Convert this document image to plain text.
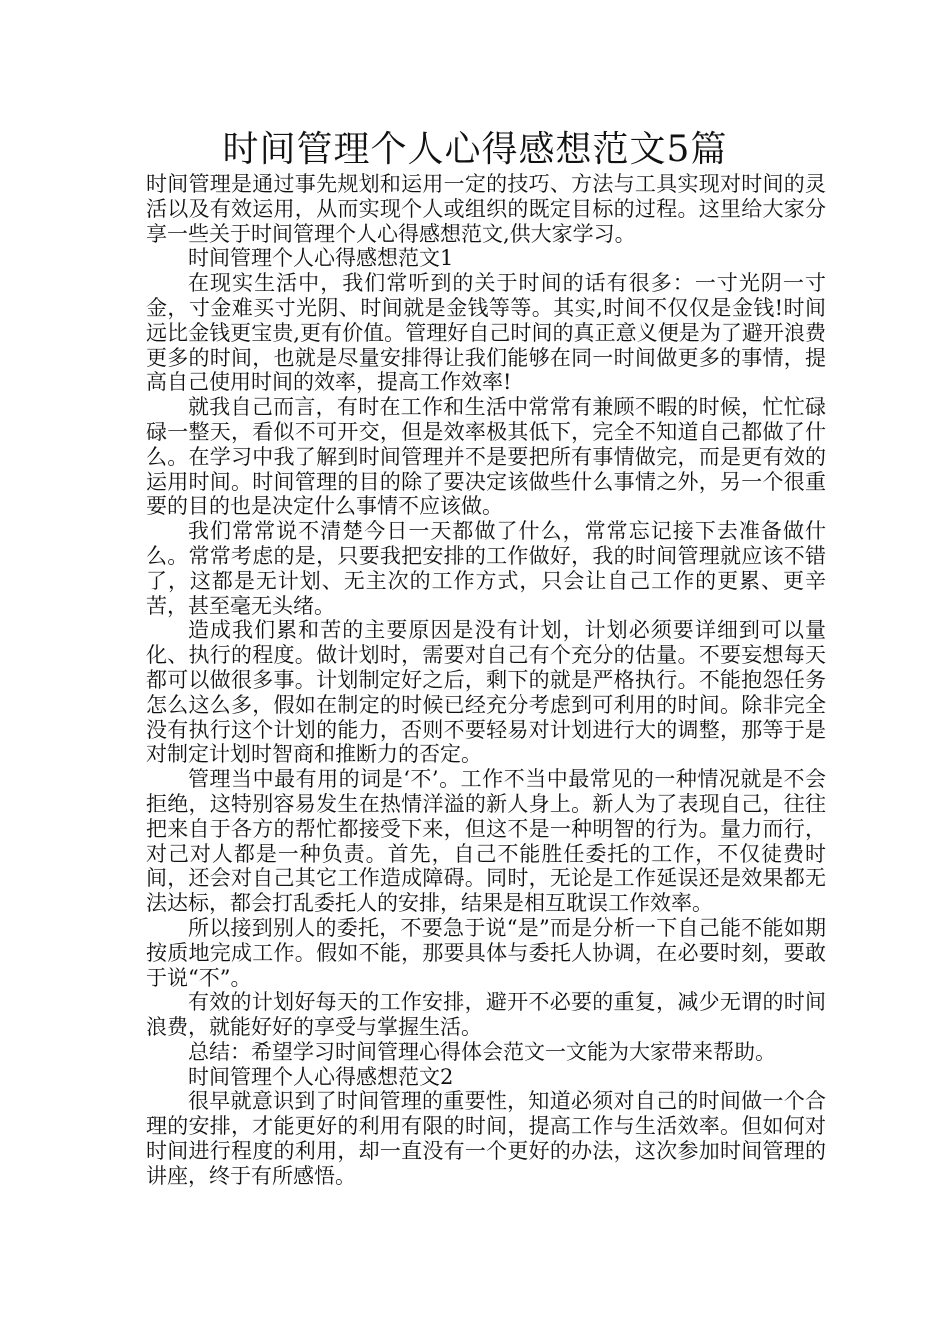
时间管理个人心得感想范文5篇

时间管理是通过事先规划和运用一定的技巧、方法与工具实现对时间的灵活以及有效运用，从而实现个人或组织的既定目标的过程。这里给大家分享一些关于时间管理个人心得感想范文,供大家学习。

时间管理个人心得感想范文1

在现实生活中，我们常听到的关于时间的话有很多：一寸光阴一寸金，寸金难买寸光阴、时间就是金钱等等。其实,时间不仅仅是金钱!时间远比金钱更宝贵,更有价值。管理好自己时间的真正意义便是为了避开浪费更多的时间，也就是尽量安排得让我们能够在同一时间做更多的事情，提高自己使用时间的效率，提高工作效率!

就我自己而言，有时在工作和生活中常常有兼顾不暇的时候，忙忙碌碌一整天，看似不可开交，但是效率极其低下，完全不知道自己都做了什么。在学习中我了解到时间管理并不是要把所有事情做完，而是更有效的运用时间。时间管理的目的除了要决定该做些什么事情之外，另一个很重要的目的也是决定什么事情不应该做。

我们常常说不清楚今日一天都做了什么，常常忘记接下去准备做什么。常常考虑的是，只要我把安排的工作做好，我的时间管理就应该不错了，这都是无计划、无主次的工作方式，只会让自己工作的更累、更辛苦，甚至毫无头绪。

造成我们累和苦的主要原因是没有计划，计划必须要详细到可以量化、执行的程度。做计划时，需要对自己有个充分的估量。不要妄想每天都可以做很多事。计划制定好之后，剩下的就是严格执行。不能抱怨任务怎么这么多，假如在制定的时候已经充分考虑到可利用的时间。除非完全没有执行这个计划的能力，否则不要轻易对计划进行大的调整，那等于是对制定计划时智商和推断力的否定。

管理当中最有用的词是‘不’。工作不当中最常见的一种情况就是不会拒绝，这特别容易发生在热情洋溢的新人身上。新人为了表现自己，往往把来自于各方的帮忙都接受下来，但这不是一种明智的行为。量力而行，对己对人都是一种负责。首先，自己不能胜任委托的工作，不仅徒费时间，还会对自己其它工作造成障碍。同时，无论是工作延误还是效果都无法达标，都会打乱委托人的安排，结果是相互耽误工作效率。

所以接到别人的委托，不要急于说“是”而是分析一下自己能不能如期按质地完成工作。假如不能，那要具体与委托人协调，在必要时刻，要敢于说“不”。

有效的计划好每天的工作安排，避开不必要的重复，减少无谓的时间浪费，就能好好的享受与掌握生活。

总结：希望学习时间管理心得体会范文一文能为大家带来帮助。

时间管理个人心得感想范文2

很早就意识到了时间管理的重要性，知道必须对自己的时间做一个合理的安排，才能更好的利用有限的时间，提高工作与生活效率。但如何对时间进行程度的利用，却一直没有一个更好的办法，这次参加时间管理的讲座，终于有所感悟。
